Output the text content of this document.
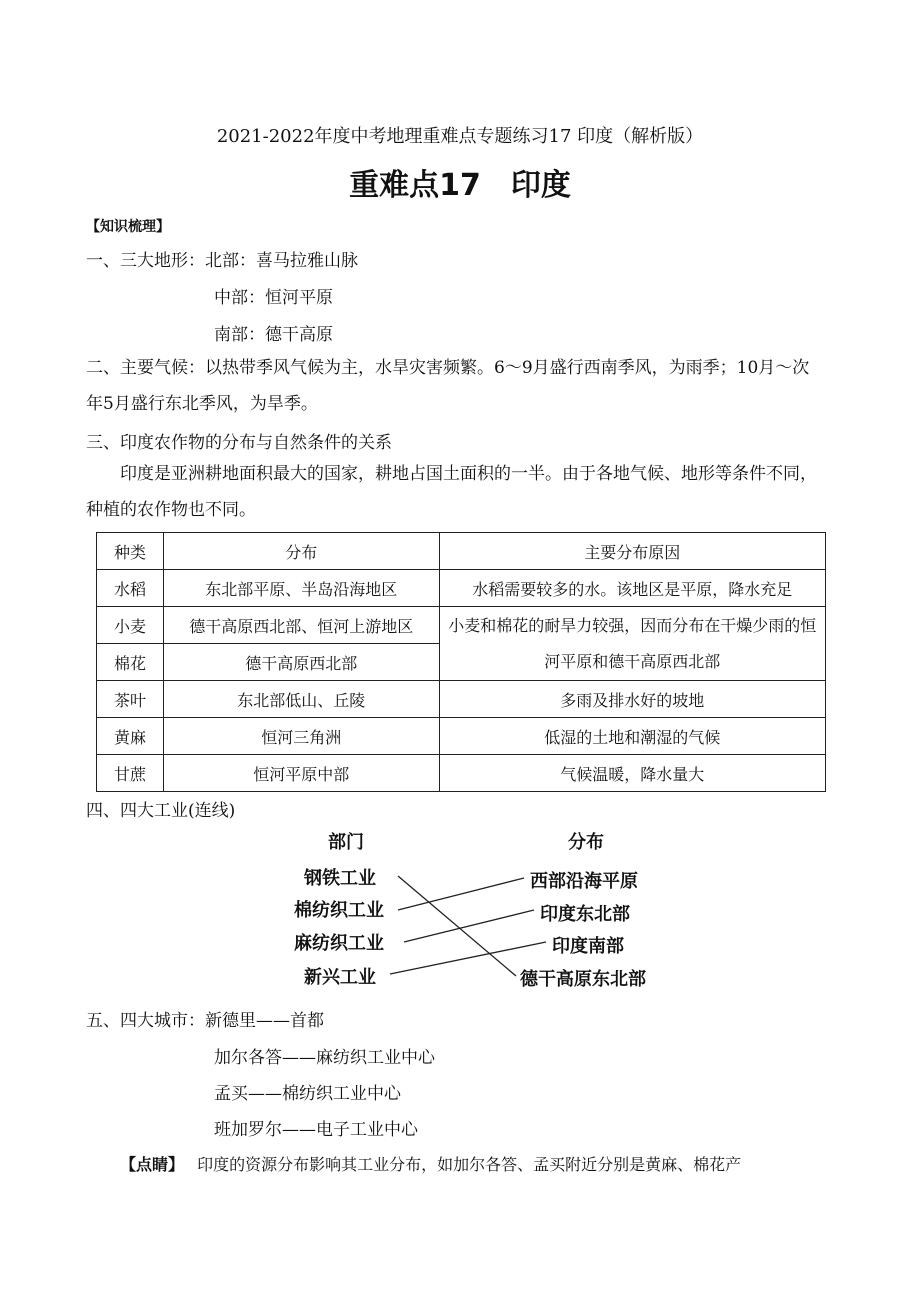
2021-2022年度中考地理重难点专题练习17 印度（解析版）
重难点17　印度
【知识梳理】
一、三大地形：北部：喜马拉雅山脉
中部：恒河平原
南部：德干高原
二、主要气候：以热带季风气候为主，水旱灾害频繁。6～9月盛行西南季风，为雨季；10月～次年5月盛行东北季风，为旱季。
三、印度农作物的分布与自然条件的关系
印度是亚洲耕地面积最大的国家，耕地占国土面积的一半。由于各地气候、地形等条件不同，种植的农作物也不同。
种类	分布	主要分布原因
水稻	东北部平原、半岛沿海地区	水稻需要较多的水。该地区是平原，降水充足
小麦	德干高原西北部、恒河上游地区	小麦和棉花的耐旱力较强，因而分布在干燥少雨的恒河平原和德干高原西北部
棉花	德干高原西北部	
茶叶	东北部低山、丘陵	多雨及排水好的坡地
黄麻	恒河三角洲	低湿的土地和潮湿的气候
甘蔗	恒河平原中部	气候温暖，降水量大
四、四大工业(连线)
部门	分布
钢铁工业
棉纺织工业
麻纺织工业
新兴工业
西部沿海平原
印度东北部
印度南部
德干高原东北部
五、四大城市：新德里——首都
加尔各答——麻纺织工业中心
孟买——棉纺织工业中心
班加罗尔——电子工业中心
【点睛】 印度的资源分布影响其工业分布，如加尔各答、孟买附近分别是黄麻、棉花产
